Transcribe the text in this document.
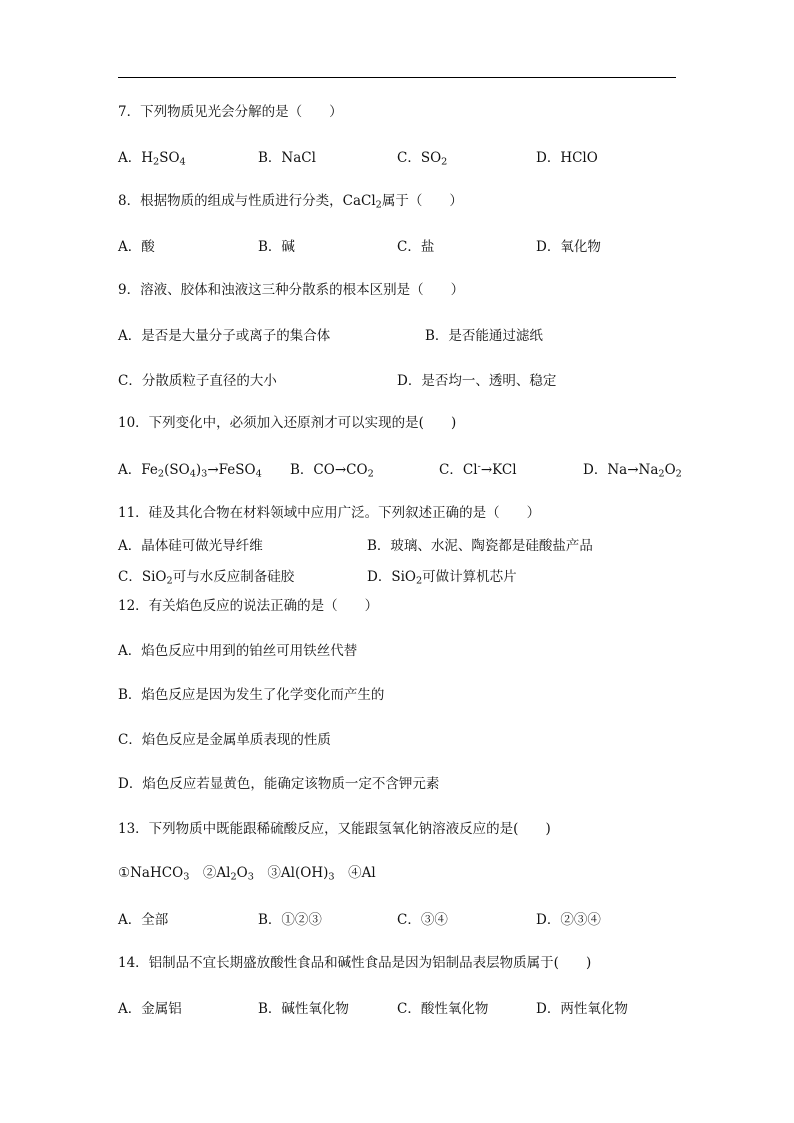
7．下列物质见光会分解的是（　　）
A．$H_2SO_4$	B．NaCl	C．$SO_2$	D．HClO
8．根据物质的组成与性质进行分类，CaCl$_2$属于（　　 ）
A．酸	B．碱	C．盐	D．氧化物
9．溶液、胶体和浊液这三种分散系的根本区别是（　　）
A．是否是大量分子或离子的集合体	B．是否能通过滤纸
C．分散质粒子直径的大小	D．是否均一、透明、稳定
10．下列变化中，必须加入还原剂才可以实现的是(　　)
A．$Fe_2(SO_4)_3\to FeSO_4$ B．$CO\to CO_2$	C．Cl-→KCl	D．$Na\to Na_2O_2$
11．硅及其化合物在材料领域中应用广泛。下列叙述正确的是（　　）
A．晶体硅可做光导纤维	B．玻璃、水泥、陶瓷都是硅酸盐产品
C．SiO$_2$可与水反应制备硅胶	D．SiO$_2$可做计算机芯片
12．有关焰色反应的说法正确的是（　　）
A．焰色反应中用到的铂丝可用铁丝代替
B．焰色反应是因为发生了化学变化而产生的
C．焰色反应是金属单质表现的性质
D．焰色反应若显黄色，能确定该物质一定不含钾元素
13．下列物质中既能跟稀硫酸反应，又能跟氢氧化钠溶液反应的是(　　)
①NaHCO$_3$　 $②Al_2O_3$　 $③Al(OH)_3$　 ④Al
A．全部	B．①②③	C．③④	D．②③④
14．铝制品不宜长期盛放酸性食品和碱性食品是因为铝制品表层物质属于(　　)
A．金属铝	B．碱性氧化物	C．酸性氧化物	D．两性氧化物
